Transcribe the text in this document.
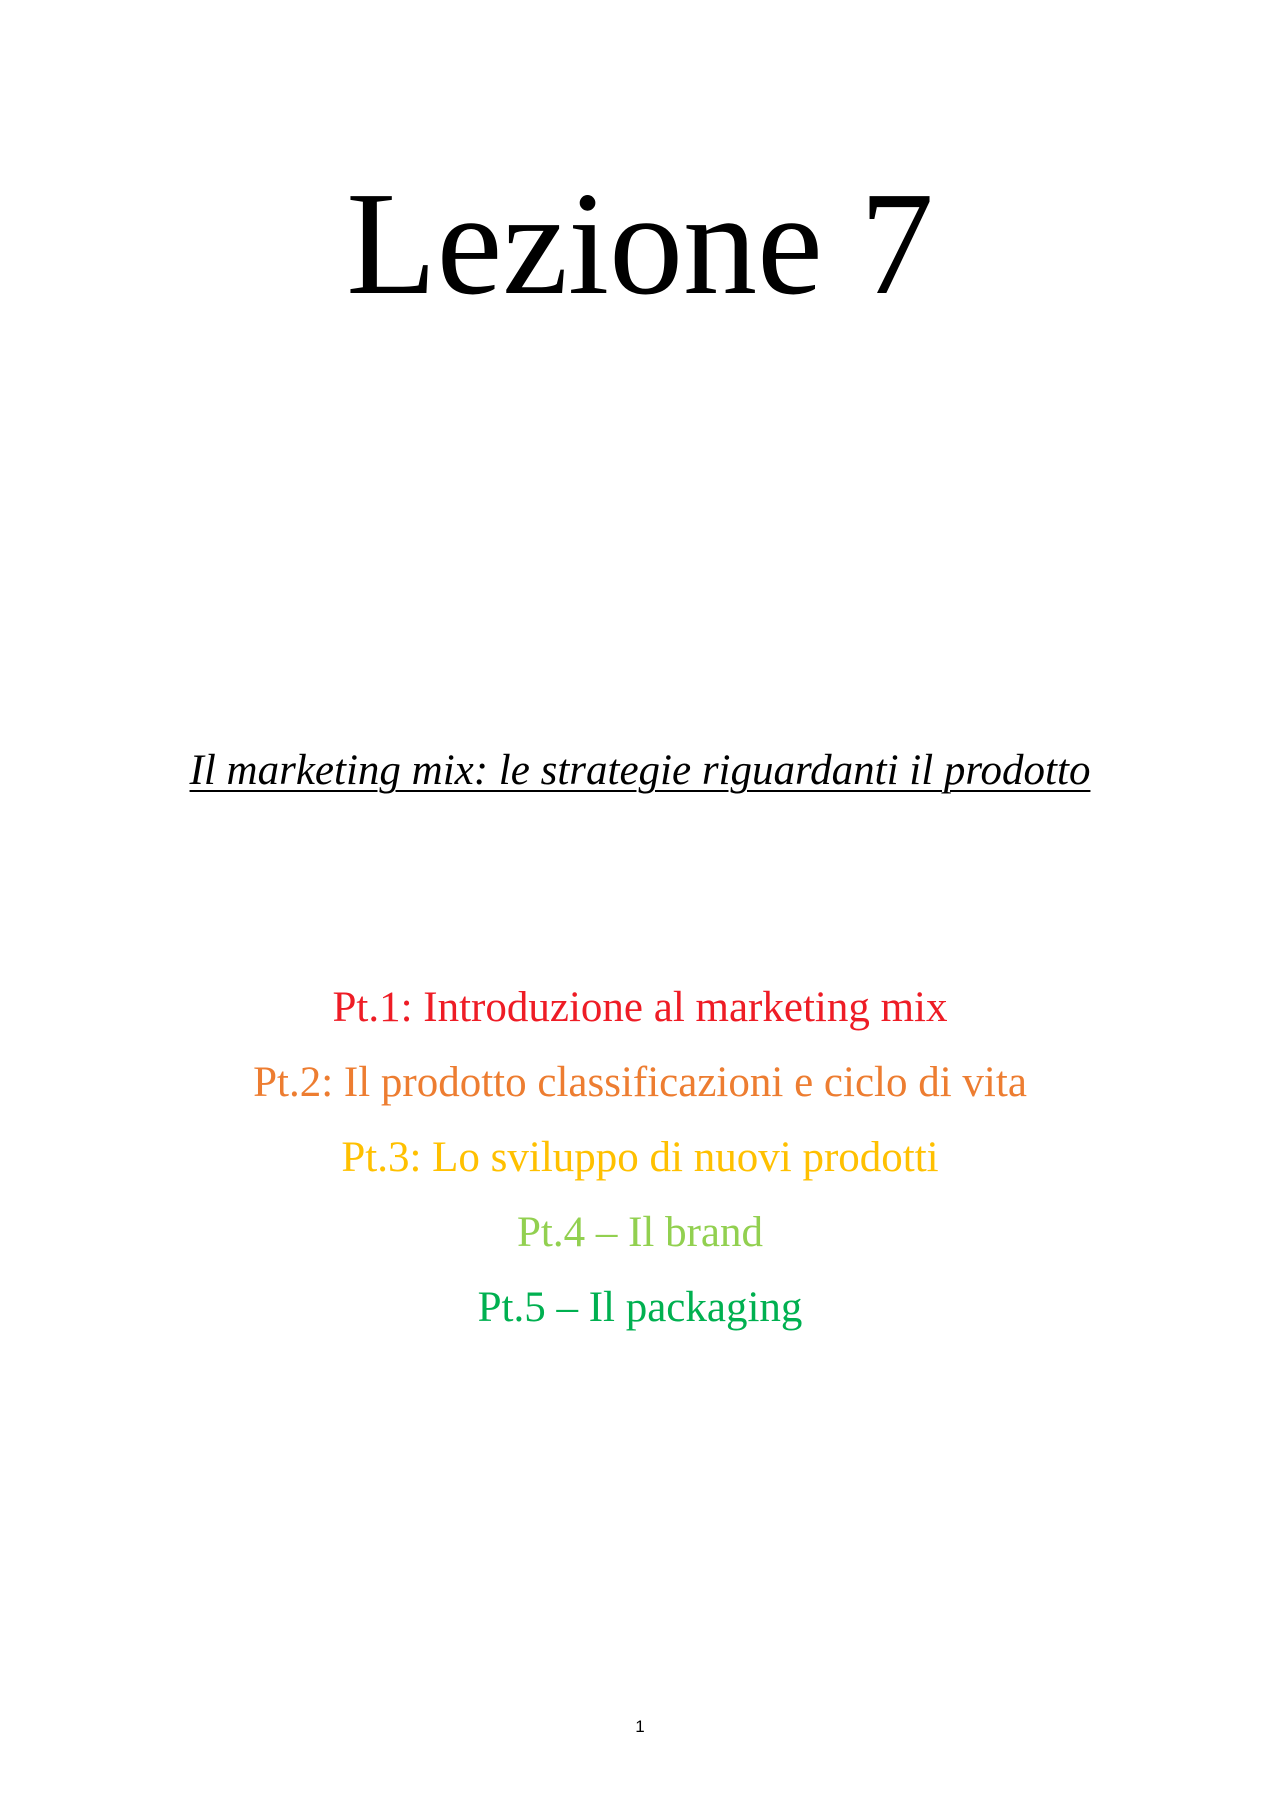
Lezione 7
Il marketing mix: le strategie riguardanti il prodotto
Pt.1: Introduzione al marketing mix
Pt.2: Il prodotto classificazioni e ciclo di vita
Pt.3: Lo sviluppo di nuovi prodotti
Pt.4 – Il brand
Pt.5 – Il packaging
1
